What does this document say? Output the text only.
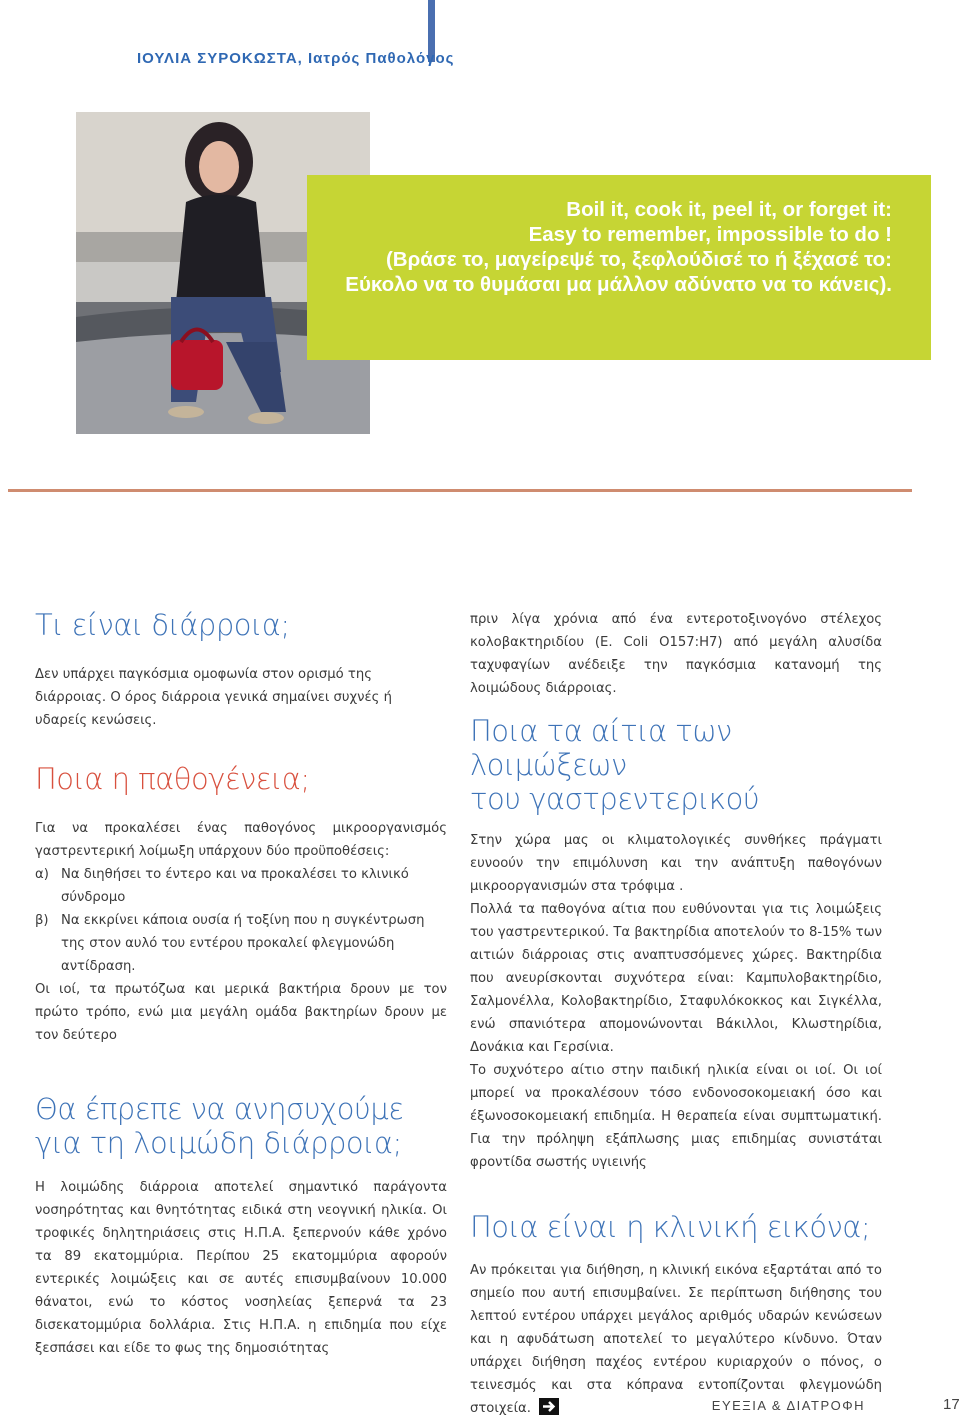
ΙΟΥΛΙΑ ΣΥΡΟΚΩΣΤΑ, Ιατρός Παθολόγος
Boil it, cook it, peel it, or forget it:
Easy to remember, impossible to do !
(Βράσε το, μαγείρεψέ το, ξεφλούδισέ το ή ξέχασέ το:
Εύκολο να το θυμάσαι μα μάλλον αδύνατο να το κάνεις).
Τι είναι διάρροια;

Δεν υπάρχει παγκόσμια ομοφωνία στον ορισμό της διάρροιας. Ο όρος διάρροια γενικά σημαίνει συχνές ή υδαρείς κενώσεις.

Ποια η παθογένεια;

Για να προκαλέσει ένας παθογόνος μικροοργανισμός γαστρεντερική λοίμωξη υπάρχουν δύο προϋποθέσεις:

α) Να διηθήσει το έντερο και να προκαλέσει το κλινικό σύνδρομο
β) Να εκκρίνει κάποια ουσία ή τοξίνη που η συγκέντρωση της στον αυλό του εντέρου προκαλεί φλεγμονώδη αντίδραση.

Οι ιοί, τα πρωτόζωα και μερικά βακτήρια δρουν με τον πρώτο τρόπο, ενώ μια μεγάλη ομάδα βακτηρίων δρουν με τον δεύτερο

Θα έπρεπε να ανησυχούμε
για τη λοιμώδη διάρροια;

Η λοιμώδης διάρροια αποτελεί σημαντικό παράγοντα νοσηρότητας και θνητότητας ειδικά στη νεογνική ηλικία. Οι τροφικές δηλητηριάσεις στις Η.Π.Α. ξεπερνούν κάθε χρόνο τα 89 εκατομμύρια. Περίπου 25 εκατομμύρια αφορούν εντερικές λοιμώξεις και σε αυτές επισυμβαίνουν 10.000 θάνατοι, ενώ το κόστος νοσηλείας ξεπερνά τα 23 δισεκατομμύρια δολλάρια. Στις Η.Π.Α. η επιδημία που είχε ξεσπάσει και είδε το φως της δημοσιότητας

πριν λίγα χρόνια από ένα εντεροτοξινογόνο στέλεχος κολοβακτηριδίου (E. Coli O157:H7) από μεγάλη αλυσίδα ταχυφαγίων ανέδειξε την παγκόσμια κατανομή της λοιμώδους διάρροιας.

Ποια τα αίτια των λοιμώξεων
του γαστρεντερικού

Στην χώρα μας οι κλιματολογικές συνθήκες πράγματι ευνοούν την επιμόλυνση και την ανάπτυξη παθογόνων μικροοργανισμών στα τρόφιμα .

Πολλά τα παθογόνα αίτια που ευθύνονται για τις λοιμώξεις του γαστρεντερικού. Τα βακτηρίδια αποτελούν το 8-15% των αιτιών διάρροιας στις αναπτυσσόμενες χώρες. Βακτηρίδια που ανευρίσκονται συχνότερα είναι: Καμπυλοβακτηρίδιο, Σαλμονέλλα, Κολοβακτηρίδιο, Σταφυλόκοκκος και Σιγκέλλα, ενώ σπανιότερα απομονώνονται Βάκιλλοι, Κλωστηρίδια, Δονάκια και Γερσίνια.

Το συχνότερο αίτιο στην παιδική ηλικία είναι οι ιοί. Οι ιοί μπορεί να προκαλέσουν τόσο ενδονοσοκομειακή όσο και έξωνοσοκομειακή επιδημία. Η θεραπεία είναι συμπτωματική. Για την πρόληψη εξάπλωσης μιας επιδημίας συνιστάται φροντίδα σωστής υγιεινής

Ποια είναι η κλινική εικόνα;

Αν πρόκειται για διήθηση, η κλινική εικόνα εξαρτάται από το σημείο που αυτή επισυμβαίνει. Σε περίπτωση διήθησης του λεπτού εντέρου υπάρχει μεγάλος αριθμός υδαρών κενώσεων και η αφυδάτωση αποτελεί το μεγαλύτερο κίνδυνο. Όταν υπάρχει διήθηση παχέος εντέρου κυριαρχούν ο πόνος, ο τεινεσμός και στα κόπρανα εντοπίζονται φλεγμονώδη στοιχεία.	ΕΥΕΞΙΑ & ΔΙΑΤΡΟΦΗ	17
